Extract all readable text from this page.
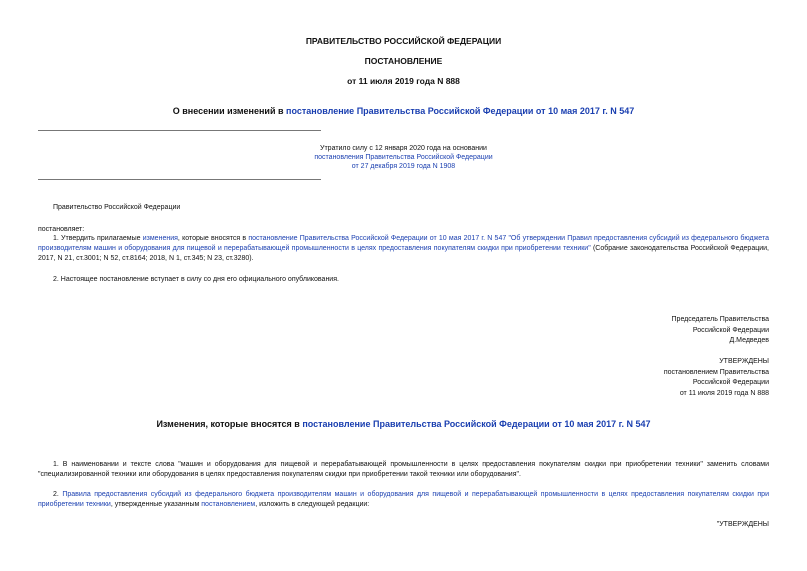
ПРАВИТЕЛЬСТВО РОССИЙСКОЙ ФЕДЕРАЦИИ
ПОСТАНОВЛЕНИЕ
от 11 июля 2019 года N 888
О внесении изменений в постановление Правительства Российской Федерации от 10 мая 2017 г. N 547
Утратило силу с 12 января 2020 года на основании
постановления Правительства Российской Федерации
от 27 декабря 2019 года N 1908
Правительство Российской Федерации
постановляет:
1. Утвердить прилагаемые изменения, которые вносятся в постановление Правительства Российской Федерации от 10 мая 2017 г. N 547 "Об утверждении Правил предоставления субсидий из федерального бюджета производителям машин и оборудования для пищевой и перерабатывающей промышленности в целях предоставления покупателям скидки при приобретении техники" (Собрание законодательства Российской Федерации, 2017, N 21, ст.3001; N 52, ст.8164; 2018, N 1, ст.345; N 23, ст.3280).
2. Настоящее постановление вступает в силу со дня его официального опубликования.
Председатель Правительства
Российской Федерации
Д.Медведев
УТВЕРЖДЕНЫ
постановлением Правительства
Российской Федерации
от 11 июля 2019 года N 888
Изменения, которые вносятся в постановление Правительства Российской Федерации от 10 мая 2017 г. N 547
1. В наименовании и тексте слова "машин и оборудования для пищевой и перерабатывающей промышленности в целях предоставления покупателям скидки при приобретении техники" заменить словами "специализированной техники или оборудования в целях предоставления покупателям скидки при приобретении такой техники или оборудования".
2. Правила предоставления субсидий из федерального бюджета производителям машин и оборудования для пищевой и перерабатывающей промышленности в целях предоставления покупателям скидки при приобретении техники, утвержденные указанным постановлением, изложить в следующей редакции:
"УТВЕРЖДЕНЫ
